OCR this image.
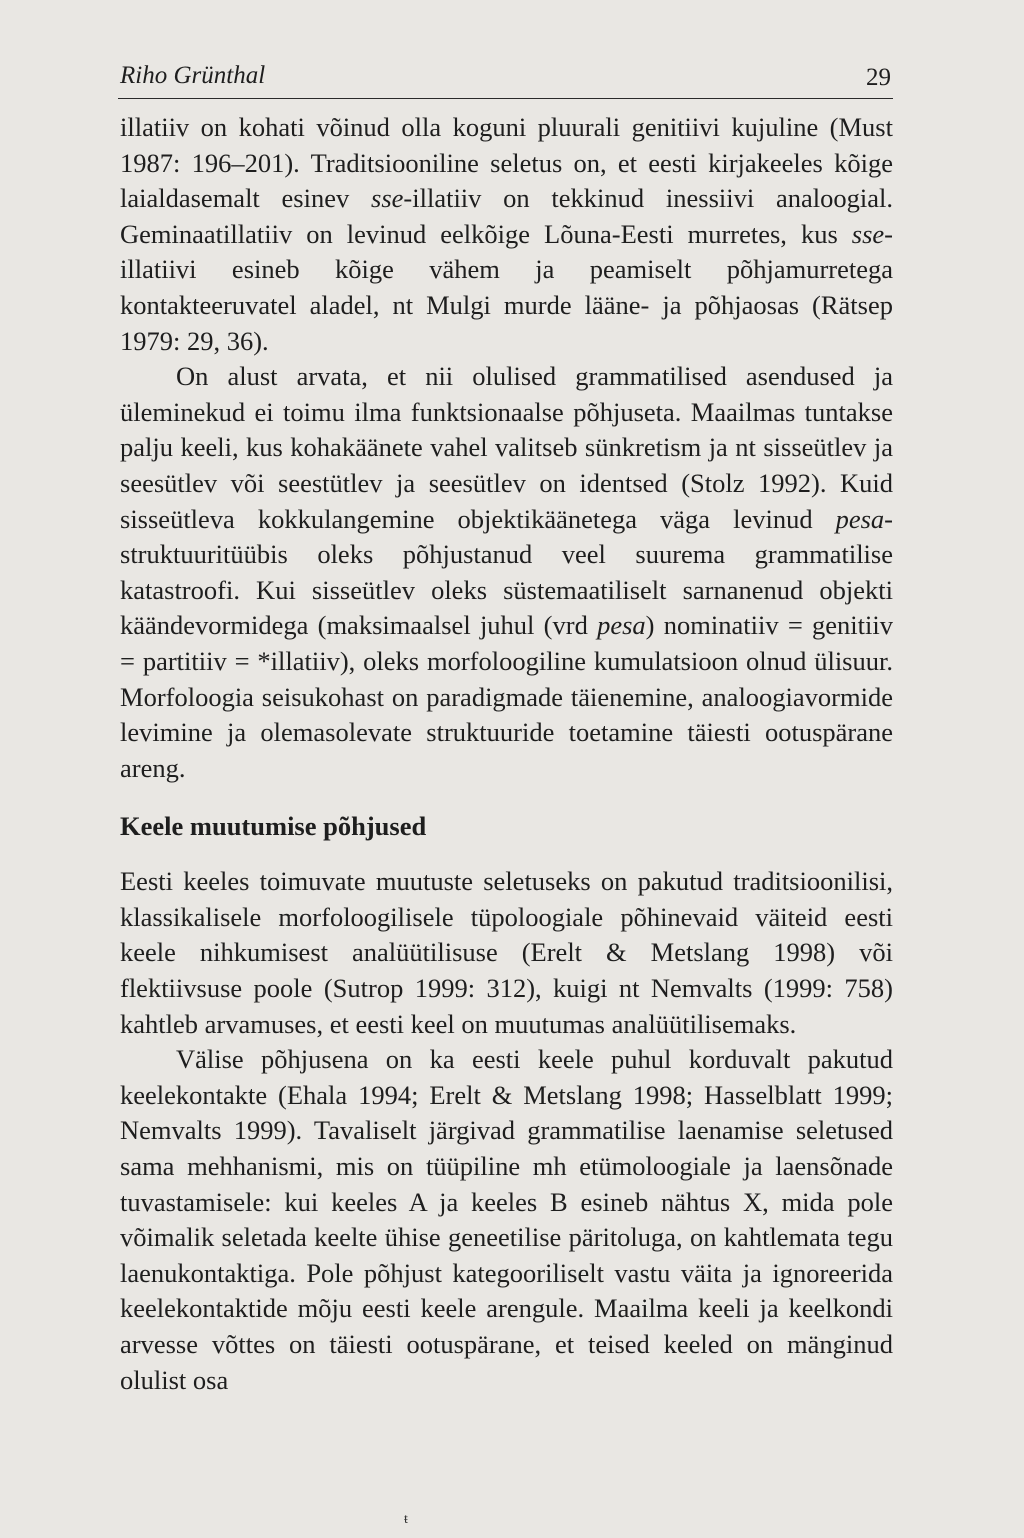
Riho Grünthal	29

illatiiv on kohati võinud olla koguni pluurali genitiivi kujuline (Must 1987: 196–201). Traditsiooniline seletus on, et eesti kirjakeeles kõige laialdasemalt esinev sse-illatiiv on tekkinud inessiivi analoogial. Geminaatillatiiv on levinud eelkõige Lõuna-Eesti murretes, kus sse-illatiivi esineb kõige vähem ja peamiselt põhjamurretega kontakteeruvatel aladel, nt Mulgi murde lääne- ja põhjaosas (Rätsep 1979: 29, 36).

On alust arvata, et nii olulised grammatilised asendused ja üleminekud ei toimu ilma funktsionaalse põhjuseta. Maailmas tuntakse palju keeli, kus kohakäänete vahel valitseb sünkretism ja nt sisseütlev ja seesütlev või seestütlev ja seesütlev on identsed (Stolz 1992). Kuid sisseütleva kokkulangemine objektikäänetega väga levinud pesa-struktuuritüübis oleks põhjustanud veel suurema grammatilise katastroofi. Kui sisseütlev oleks süstemaatiliselt sarnanenud objekti käändevormidega (maksimaalsel juhul (vrd pesa) nominatiiv = genitiiv = partitiiv = *illatiiv), oleks morfoloogiline kumulatsioon olnud ülisuur. Morfoloogia seisukohast on paradigmade täienemine, analoogiavormide levimine ja olemasolevate struktuuride toetamine täiesti ootuspärane areng.

Keele muutumise põhjused

Eesti keeles toimuvate muutuste seletuseks on pakutud traditsioonilisi, klassikalisele morfoloogilisele tüpoloogiale põhinevaid väiteid eesti keele nihkumisest analüütilisuse (Erelt & Metslang 1998) või flektiivsuse poole (Sutrop 1999: 312), kuigi nt Nemvalts (1999: 758) kahtleb arvamuses, et eesti keel on muutumas analüütilisemaks.

Välise põhjusena on ka eesti keele puhul korduvalt pakutud keelekontakte (Ehala 1994; Erelt & Metslang 1998; Hasselblatt 1999; Nemvalts 1999). Tavaliselt järgivad grammatilise laenamise seletused sama mehhanismi, mis on tüüpiline mh etümoloogiale ja laensõnade tuvastamisele: kui keeles A ja keeles B esineb nähtus X, mida pole võimalik seletada keelte ühise geneetilise päritoluga, on kahtlemata tegu laenukontaktiga. Pole põhjust kategooriliselt vastu väita ja ignoreerida keelekontaktide mõju eesti keele arengule. Maailma keeli ja keelkondi arvesse võttes on täiesti ootuspärane, et teised keeled on mänginud olulist osa

ŧ
